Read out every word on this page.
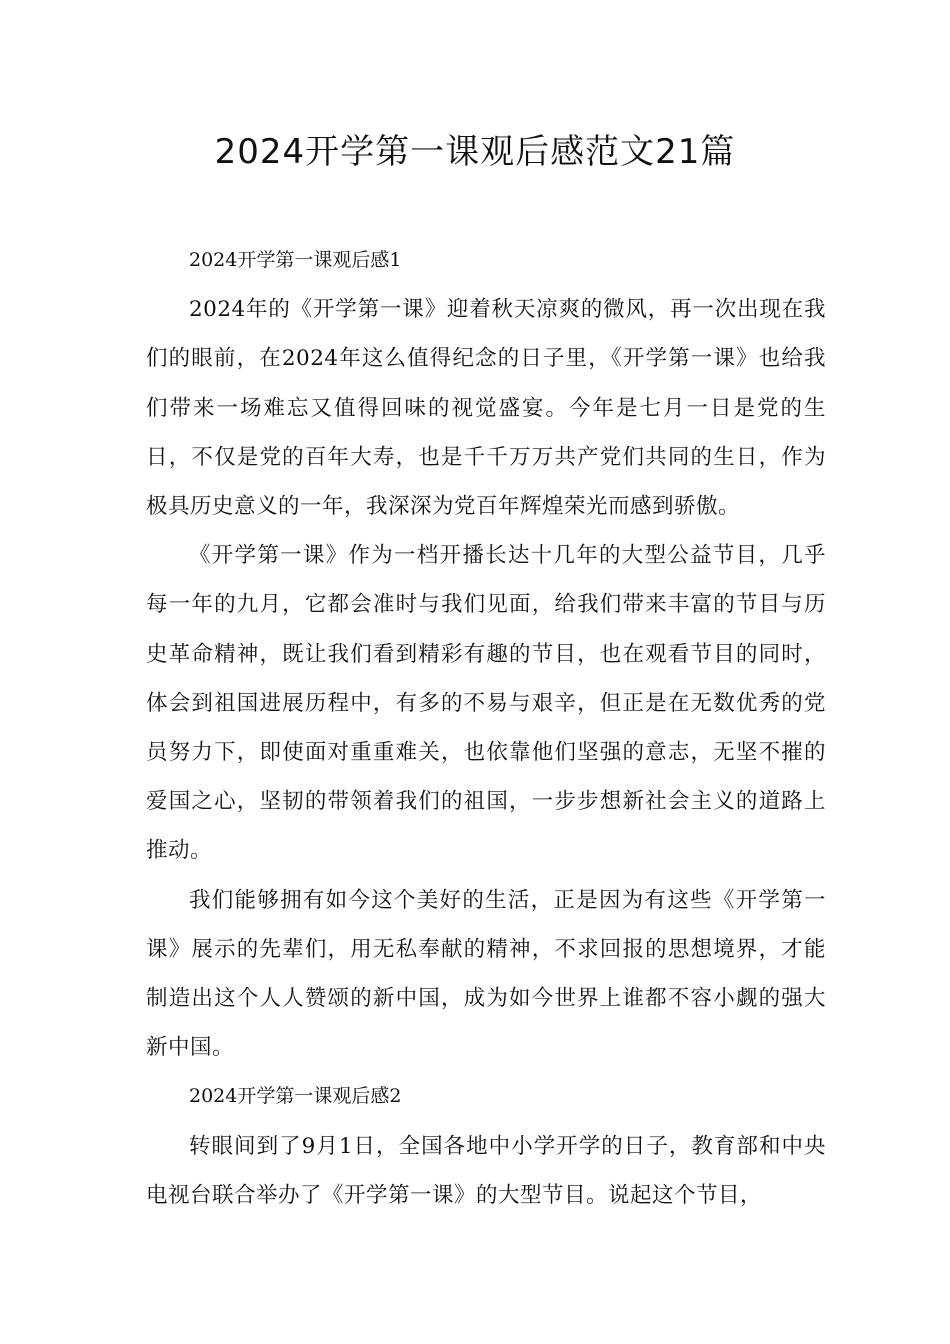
2024开学第一课观后感范文21篇

2024开学第一课观后感1

2024年的《开学第一课》迎着秋天凉爽的微风，再一次出现在我们的眼前，在2024年这么值得纪念的日子里，《开学第一课》也给我们带来一场难忘又值得回味的视觉盛宴。今年是七月一日是党的生日，不仅是党的百年大寿，也是千千万万共产党们共同的生日，作为极具历史意义的一年，我深深为党百年辉煌荣光而感到骄傲。

《开学第一课》作为一档开播长达十几年的大型公益节目，几乎每一年的九月，它都会准时与我们见面，给我们带来丰富的节目与历史革命精神，既让我们看到精彩有趣的节目，也在观看节目的同时，体会到祖国进展历程中，有多的不易与艰辛，但正是在无数优秀的党员努力下，即使面对重重难关，也依靠他们坚强的意志，无坚不摧的爱国之心，坚韧的带领着我们的祖国，一步步想新社会主义的道路上推动。

我们能够拥有如今这个美好的生活，正是因为有这些《开学第一课》展示的先辈们，用无私奉献的精神，不求回报的思想境界，才能制造出这个人人赞颂的新中国，成为如今世界上谁都不容小觑的强大新中国。

2024开学第一课观后感2

转眼间到了9月1日，全国各地中小学开学的日子，教育部和中央电视台联合举办了《开学第一课》的大型节目。说起这个节目，
